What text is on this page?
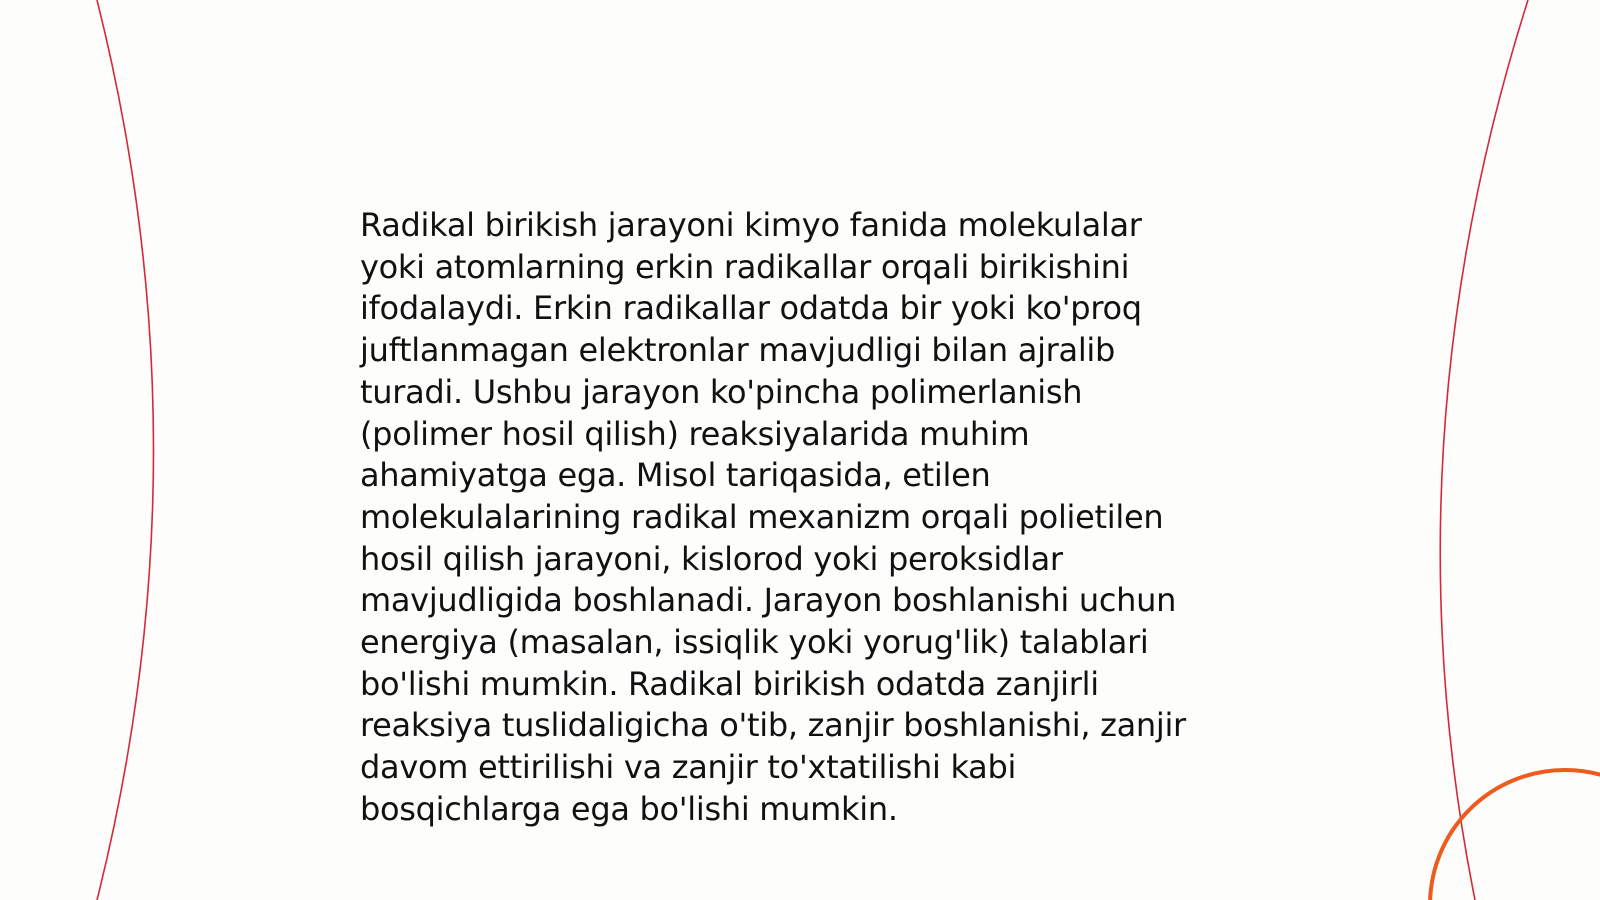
Radikal birikish jarayoni kimyo fanida molekulalar
yoki atomlarning erkin radikallar orqali birikishini
ifodalaydi. Erkin radikallar odatda bir yoki ko'proq
juftlanmagan elektronlar mavjudligi bilan ajralib
turadi. Ushbu jarayon ko'pincha polimerlanish
(polimer hosil qilish) reaksiyalarida muhim
ahamiyatga ega. Misol tariqasida, etilen
molekulalarining radikal mexanizm orqali polietilen
hosil qilish jarayoni, kislorod yoki peroksidlar
mavjudligida boshlanadi. Jarayon boshlanishi uchun
energiya (masalan, issiqlik yoki yorug'lik) talablari
bo'lishi mumkin. Radikal birikish odatda zanjirli
reaksiya tuslidaligicha o'tib, zanjir boshlanishi, zanjir
davom ettirilishi va zanjir to'xtatilishi kabi
bosqichlarga ega bo'lishi mumkin.
